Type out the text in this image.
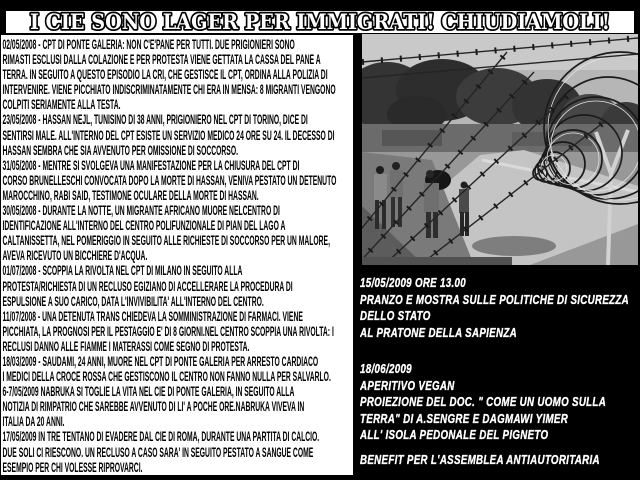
I CIE SONO LAGER PER IMMIGRATI! CHIUDIAMOLI!
02/05/2008 - CPT DI PONTE GALERIA: NON C'E'PANE PER TUTTI. DUE PRIGIONIERI SONO
RIMASTI ESCLUSI DALLA COLAZIONE E PER PROTESTA VIENE GETTATA LA CASSA DEL PANE A
TERRA. IN SEGUITO A QUESTO EPISODIO LA CRI, CHE GESTISCE IL CPT, ORDINA ALLA POLIZIA DI
INTERVENIRE. VIENE PICCHIATO INDISCRIMINATAMENTE CHI ERA IN MENSA: 8 MIGRANTI VENGONO
COLPITI SERIAMENTE ALLA TESTA.
23/05/2008 - HASSAN NEJL, TUNISINO DI 38 ANNI, PRIGIONIERO NEL CPT DI TORINO, DICE DI
SENTIRSI MALE. ALL'INTERNO DEL CPT ESISTE UN SERVIZIO MEDICO 24 ORE SU 24. IL DECESSO DI
HASSAN SEMBRA CHE SIA AVVENUTO PER OMISSIONE DI SOCCORSO.
31/05/2008 - MENTRE SI SVOLGEVA UNA MANIFESTAZIONE PER LA CHIUSURA DEL CPT DI
CORSO BRUNELLESCHI CONVOCATA DOPO LA MORTE DI HASSAN, VENIVA PESTATO UN DETENUTO
MAROCCHINO, RABI SAID, TESTIMONE OCULARE DELLA MORTE DI HASSAN.
30/05/2008 - DURANTE LA NOTTE, UN MIGRANTE AFRICANO MUORE NELCENTRO DI
IDENTIFICAZIONE ALL'INTERNO DEL CENTRO POLIFUNZIONALE DI PIAN DEL LAGO A
CALTANISSETTA, NEL POMERIGGIO IN SEGUITO ALLE RICHIESTE DI SOCCORSO PER UN MALORE,
AVEVA RICEVUTO UN BICCHIERE D'ACQUA.
01/07/2008 - SCOPPIA LA RIVOLTA NEL CPT DI MILANO IN SEGUITO ALLA
PROTESTA/RICHIESTA DI UN RECLUSO EGIZIANO DI ACCELLERARE LA PROCEDURA DI
ESPULSIONE A SUO CARICO, DATA L'INVIVIBILITA' ALL'INTERNO DEL CENTRO.
11/07/2008 - UNA DETENUTA TRANS CHIEDEVA LA SOMMINISTRAZIONE DI FARMACI. VIENE
PICCHIATA, LA PROGNOSI PER IL PESTAGGIO E' DI 8 GIORNI.NEL CENTRO SCOPPIA UNA RIVOLTA: I
RECLUSI DANNO ALLE FIAMME I MATERASSI COME SEGNO DI PROTESTA.
18/03/2009 - SAUDAMI, 24 ANNI, MUORE NEL CPT DI PONTE GALERIA PER ARRESTO CARDIACO
I MEDICI DELLA CROCE ROSSA CHE GESTISCONO IL CENTRO NON FANNO NULLA PER SALVARLO.
6-7/05/2009 NABRUKA SI TOGLIE LA VITA NEL CIE DI PONTE GALERIA, IN SEGUITO ALLA
NOTIZIA DI RIMPATRIO CHE SAREBBE AVVENUTO DI LI' A POCHE ORE.NABRUKA VIVEVA IN
ITALIA DA 20 ANNI.
17/05/2009 IN TRE TENTANO DI EVADERE DAL CIE DI ROMA, DURANTE UNA PARTITA DI CALCIO.
DUE SOLI CI RIESCONO. UN RECLUSO A CASO SARA' IN SEGUITO PESTATO A SANGUE COME
ESEMPIO PER CHI VOLESSE RIPROVARCI.
15/05/2009 ORE 13.00
PRANZO E MOSTRA SULLE POLITICHE DI SICUREZZA
DELLO STATO
AL PRATONE DELLA SAPIENZA
18/06/2009
APERITIVO VEGAN
PROIEZIONE DEL DOC. " COME UN UOMO SULLA
TERRA" DI A.SENGRE E DAGMAWI YIMER
ALL' ISOLA PEDONALE DEL PIGNETO
BENEFIT PER L'ASSEMBLEA ANTIAUTORITARIA
